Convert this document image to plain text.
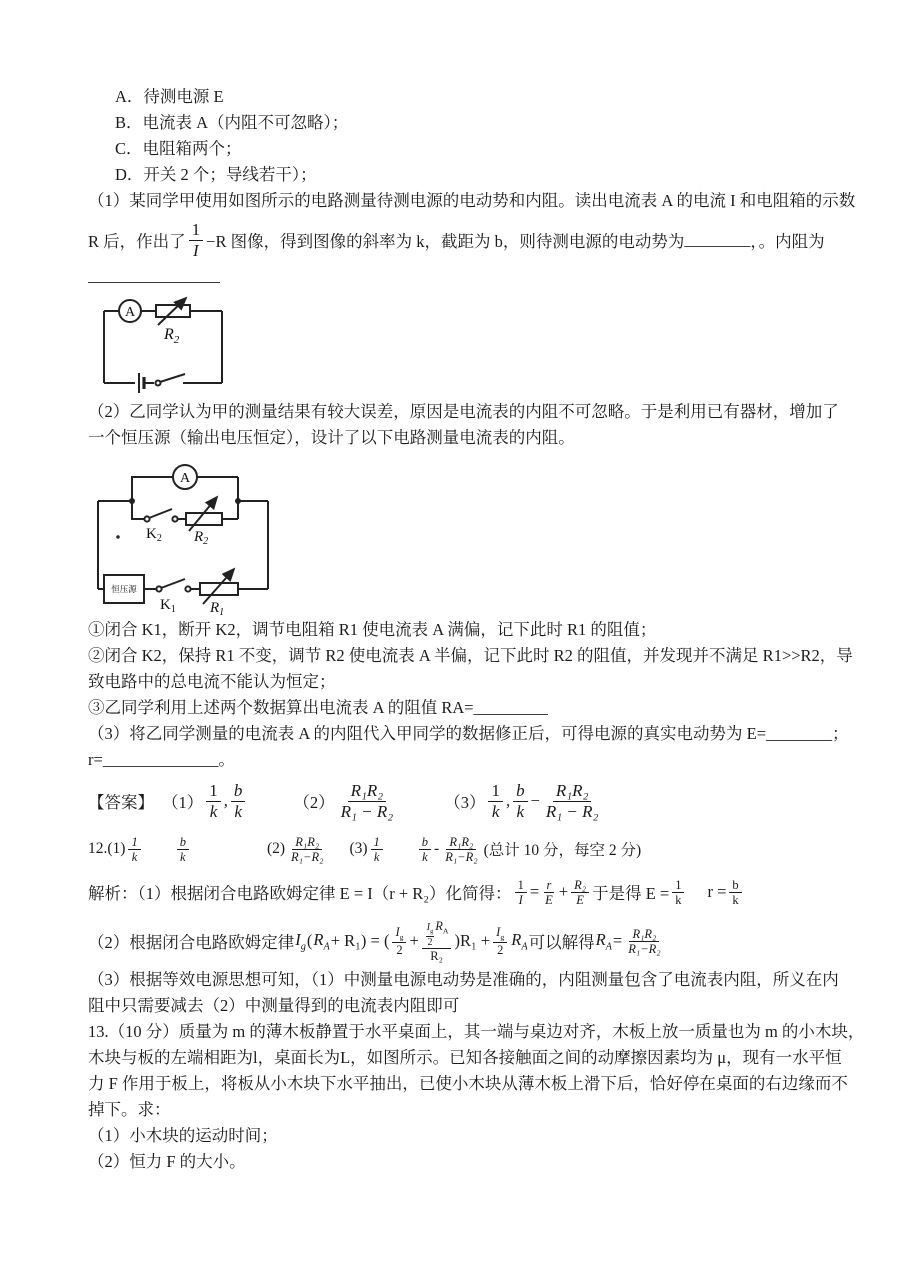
A．待测电源 E
B．电流表 A（内阻不可忽略）；
C．电阻箱两个；
D．开关 2 个；导线若干）；
（1）某同学甲使用如图所示的电路测量待测电源的电动势和内阻。读出电流表 A 的电流 I 和电阻箱的示数
R 后，作出了 $\frac{1}{I} -R$ 图像，得到图像的斜率为 k，截距为 b，则待测电源的电动势为 ________ ，。内阻为
A
$R_2$
（2）乙同学认为甲的测量结果有较大误差，原因是电流表的内阻不可忽略。于是利用已有器材，增加了
一个恒压源（输出电压恒定），设计了以下电路测量电流表的内阻。
A
$K_2$ $R_2$
恒压源
$K_1$ $R_1$
①闭合 K1，断开 K2，调节电阻箱 R1 使电流表 A 满偏，记下此时 R1 的阻值；
②闭合 K2，保持 R1 不变，调节 R2 使电流表 A 半偏，记下此时 R2 的阻值，并发现并不满足 R1>>R2，导
致电路中的总电流不能认为恒定；
③乙同学利用上述两个数据算出电流表 A 的阻值 RA=_________
（3）将乙同学测量的电流表 A 的内阻代入甲同学的数据修正后，可得电源的真实电动势为 E=________；
r=______________。
【答案】 $(1) \frac{1}{k}$ , $\frac{b}{k}$	$(2) \frac{\text{R₁R₂}}{\text{R₁ − R₂}}$	$(3) \frac{1}{k}$ , $\frac{b}{k} - \frac{\text{R₁R₂}}{\text{R₁ − R₂}}$
$12.(1) \frac{1}{k}$	$\frac{b}{k}$	$(2) \frac{\text{R₁R₂}}{\text{R₁−R₂}} (3) \frac{1}{k}$	$\frac{b}{k} - \frac{\text{R₁R₂}}{\text{R₁−R₂}}$ (总计 10 分，每空 2 分)
解析：（1）根据闭合电路欧姆定律 E = I（r + R₂）化简得： $\frac{1}{I} = \frac{r}{E} + \frac{\text{R₂}}{E}$ 于是得 $E = \frac{1}{k}$ $r = \frac{b}{k}$
（2）根据闭合电路欧姆定律 $I_g$ ( $R_A + R_1$) = ( $\frac{I_g}{2} + \frac{\frac{I_g}{2} R_A}{\text{R₂}} )R_1 + \frac{I_g}{2} R_A$ 可以解得 $R_A = \frac{\text{R₁R₂}}{\text{R₁−R₂}}$
（3）根据等效电源思想可知，（1）中测量电源电动势是准确的，内阻测量包含了电流表内阻，所义在内
阻中只需要减去（2）中测量得到的电流表内阻即可
13.（10 分）质量为 m 的薄木板静置于水平桌面上，其一端与桌边对齐，木板上放一质量也为 m 的小木块，
木块与板的左端相距为l，桌面长为L，如图所示。已知各接触面之间的动摩擦因素均为 μ，现有一水平恒
力 F 作用于板上，将板从小木块下水平抽出，已使小木块从薄木板上滑下后，恰好停在桌面的右边缘而不
掉下。求：
（1）小木块的运动时间；
（2）恒力 F 的大小。
